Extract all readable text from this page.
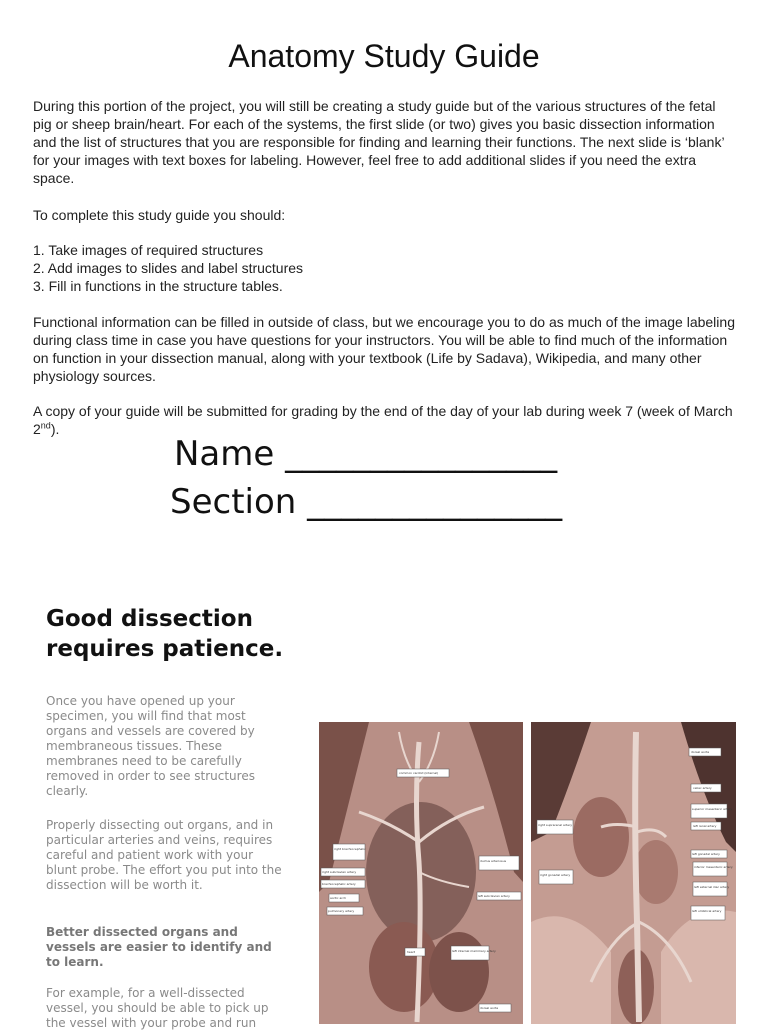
Anatomy Study Guide

During this portion of the project, you will still be creating a study guide but of the various structures of the fetal pig or sheep brain/heart. For each of the systems, the first slide (or two) gives you basic dissection information and the list of structures that you are responsible for finding and learning their functions. The next slide is ‘blank’ for your images with text boxes for labeling. However, feel free to add additional slides if you need the extra space.

To complete this study guide you should:

1. Take images of required structures
2. Add images to slides and label structures
3. Fill in functions in the structure tables.

Functional information can be filled in outside of class, but we encourage you to do as much of the image labeling during class time in case you have questions for your instructors. You will be able to find much of the information on function in your dissection manual, along with your textbook (Life by Sadava), Wikipedia, and many other physiology sources.

A copy of your guide will be submitted for grading by the end of the day of your lab during week 7 (week of March 2nd).

Name ________________
Section _______________
Good dissection requires patience.
Once you have opened up your specimen, you will find that most organs and vessels are covered by membraneous tissues. These membranes need to be carefully removed in order to see structures clearly.
Properly dissecting out organs, and in particular arteries and veins, requires careful and patient work with your blunt probe. The effort you put into the dissection will be worth it.
Better dissected organs and vessels are easier to identify and to learn.
For example, for a well-dissected vessel, you should be able to pick up the vessel with your probe and run
common carotid (internal)
right brachiocephalic
right subclavian artery
brachiocephalic artery
aortic arch
pulmonary artery
left subclavian artery
ductus arteriosus
heart	left internal mammary artery
dorsal aorta
dorsal aorta
celiac artery
superior mesenteric artery
left renal artery
right suprarenal artery
left gonadal artery
inferior mesenteric artery
right gonadal artery
left external iliac artery
left umbilical artery
